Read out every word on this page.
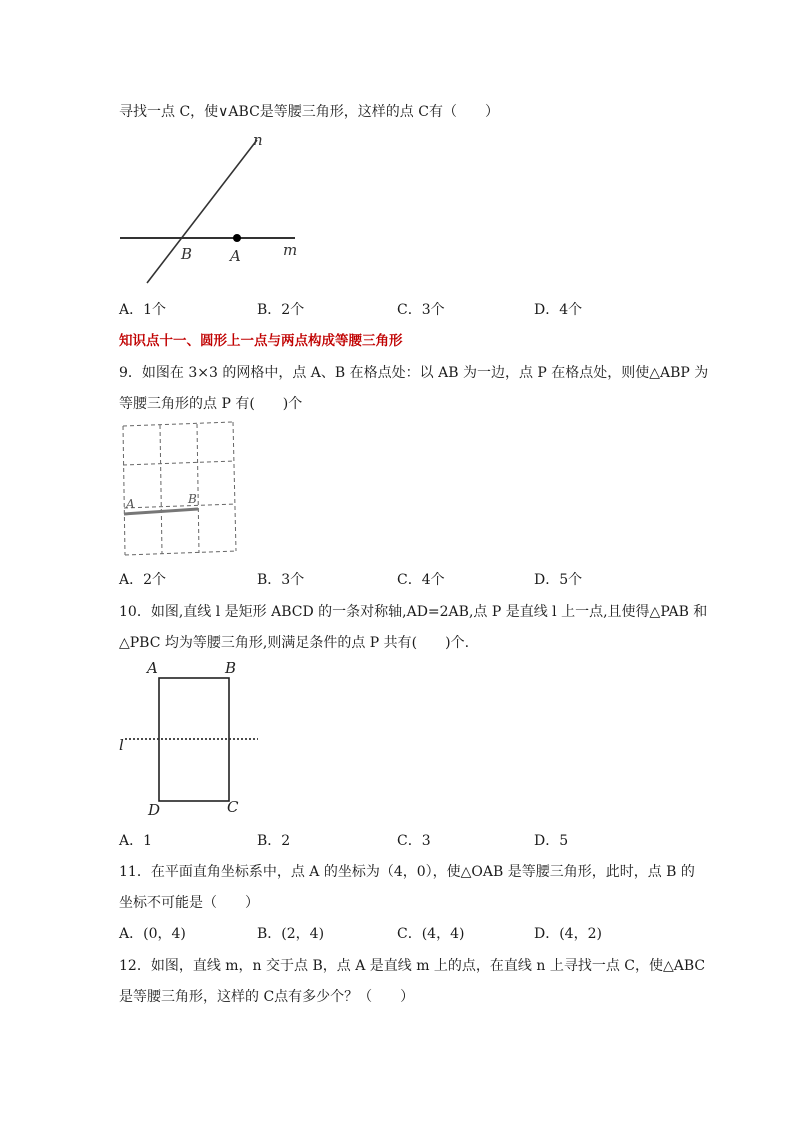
寻找一点 C，使∨ABC是等腰三角形，这样的点 C有（　　）
n
B	A	m
A．1个	B．2个	C．3个	D．4个
知识点十一、圆形上一点与两点构成等腰三角形
9．如图在 3×3 的网格中，点 A、B 在格点处：以 AB 为一边，点 P 在格点处，则使△ABP 为
等腰三角形的点 P 有(　　)个
A	B
A．2个	B．3个	C．4个	D．5个
10．如图,直线 l 是矩形 ABCD 的一条对称轴,AD=2AB,点 P 是直线 l 上一点,且使得△PAB 和
△PBC 均为等腰三角形,则满足条件的点 P 共有(　　)个.
A	B
l
D	C
A．1	B．2	C．3	D．5
11．在平面直角坐标系中，点 A 的坐标为（4，0），使△OAB 是等腰三角形，此时，点 B 的
坐标不可能是（　　）
A．(0，4)	B．(2，4)	C．(4，4)	D．(4，2)
12．如图，直线 m，n 交于点 B，点 A 是直线 m 上的点，在直线 n 上寻找一点 C，使△ABC
是等腰三角形，这样的 C点有多少个？（　　）
